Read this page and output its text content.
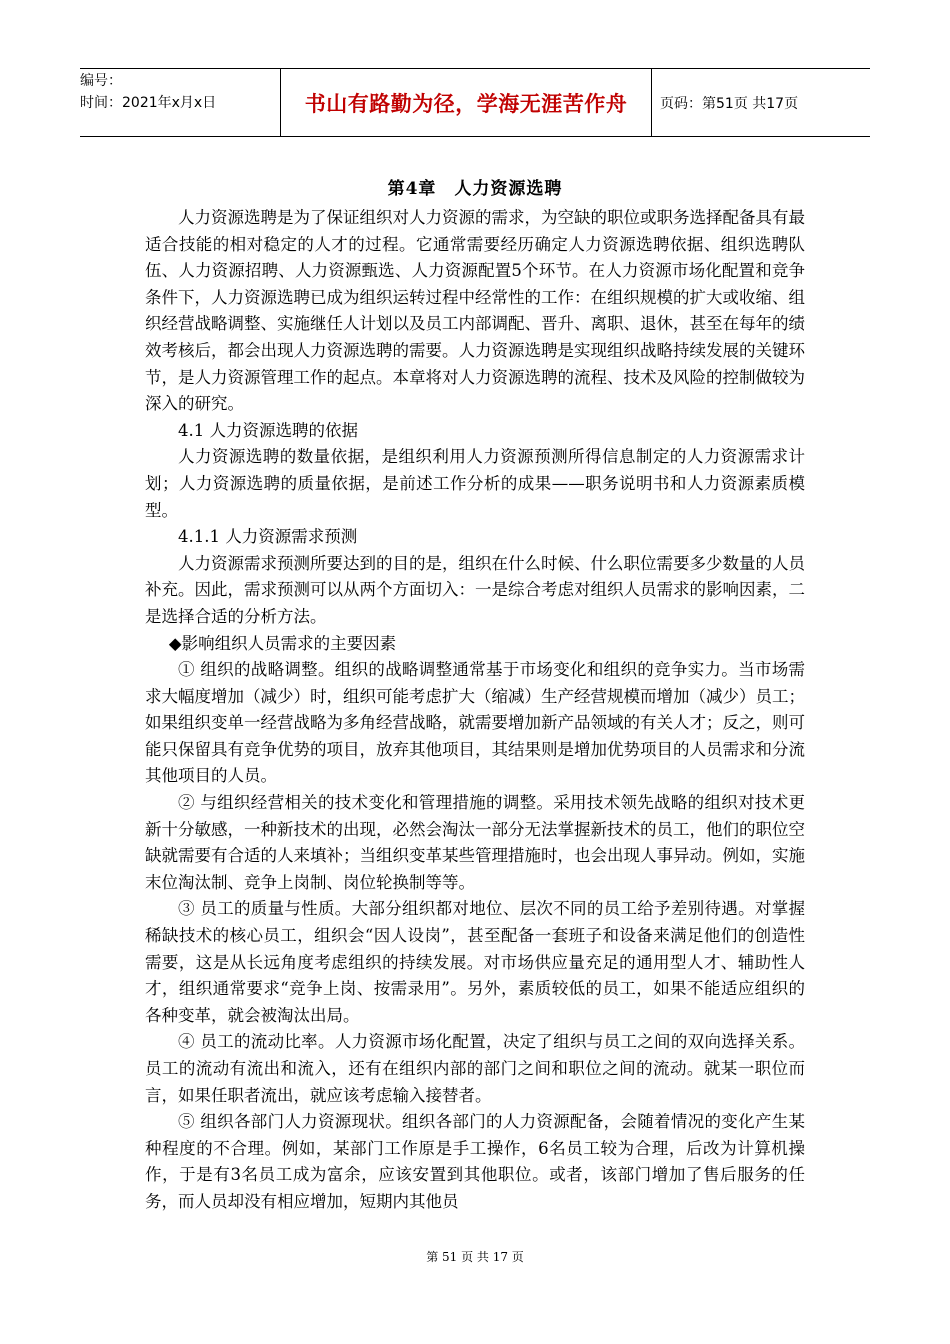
编号：
时间：2021年x月x日	书山有路勤为径，学海无涯苦作舟 页码：第51页 共17页
第4章　人力资源选聘

人力资源选聘是为了保证组织对人力资源的需求，为空缺的职位或职务选择配备具有最适合技能的相对稳定的人才的过程。它通常需要经历确定人力资源选聘依据、组织选聘队伍、人力资源招聘、人力资源甄选、人力资源配置5个环节。在人力资源市场化配置和竞争条件下，人力资源选聘已成为组织运转过程中经常性的工作：在组织规模的扩大或收缩、组织经营战略调整、实施继任人计划以及员工内部调配、晋升、离职、退休，甚至在每年的绩效考核后，都会出现人力资源选聘的需要。人力资源选聘是实现组织战略持续发展的关键环节，是人力资源管理工作的起点。本章将对人力资源选聘的流程、技术及风险的控制做较为深入的研究。

4.1 人力资源选聘的依据

人力资源选聘的数量依据，是组织利用人力资源预测所得信息制定的人力资源需求计划；人力资源选聘的质量依据，是前述工作分析的成果——职务说明书和人力资源素质模型。

4.1.1 人力资源需求预测

人力资源需求预测所要达到的目的是，组织在什么时候、什么职位需要多少数量的人员补充。因此，需求预测可以从两个方面切入：一是综合考虑对组织人员需求的影响因素，二是选择合适的分析方法。

◆影响组织人员需求的主要因素

① 组织的战略调整。组织的战略调整通常基于市场变化和组织的竞争实力。当市场需求大幅度增加（减少）时，组织可能考虑扩大（缩减）生产经营规模而增加（减少）员工；如果组织变单一经营战略为多角经营战略，就需要增加新产品领域的有关人才；反之，则可能只保留具有竞争优势的项目，放弃其他项目，其结果则是增加优势项目的人员需求和分流其他项目的人员。

② 与组织经营相关的技术变化和管理措施的调整。采用技术领先战略的组织对技术更新十分敏感，一种新技术的出现，必然会淘汰一部分无法掌握新技术的员工，他们的职位空缺就需要有合适的人来填补；当组织变革某些管理措施时，也会出现人事异动。例如，实施末位淘汰制、竞争上岗制、岗位轮换制等等。

③ 员工的质量与性质。大部分组织都对地位、层次不同的员工给予差别待遇。对掌握稀缺技术的核心员工，组织会“因人设岗”，甚至配备一套班子和设备来满足他们的创造性需要，这是从长远角度考虑组织的持续发展。对市场供应量充足的通用型人才、辅助性人才，组织通常要求“竞争上岗、按需录用”。另外，素质较低的员工，如果不能适应组织的各种变革，就会被淘汰出局。

④ 员工的流动比率。人力资源市场化配置，决定了组织与员工之间的双向选择关系。员工的流动有流出和流入，还有在组织内部的部门之间和职位之间的流动。就某一职位而言，如果任职者流出，就应该考虑输入接替者。

⑤ 组织各部门人力资源现状。组织各部门的人力资源配备，会随着情况的变化产生某种程度的不合理。例如，某部门工作原是手工操作，6名员工较为合理，后改为计算机操作，于是有3名员工成为富余，应该安置到其他职位。或者，该部门增加了售后服务的任务，而人员却没有相应增加，短期内其他员

第 51 页 共 17 页
